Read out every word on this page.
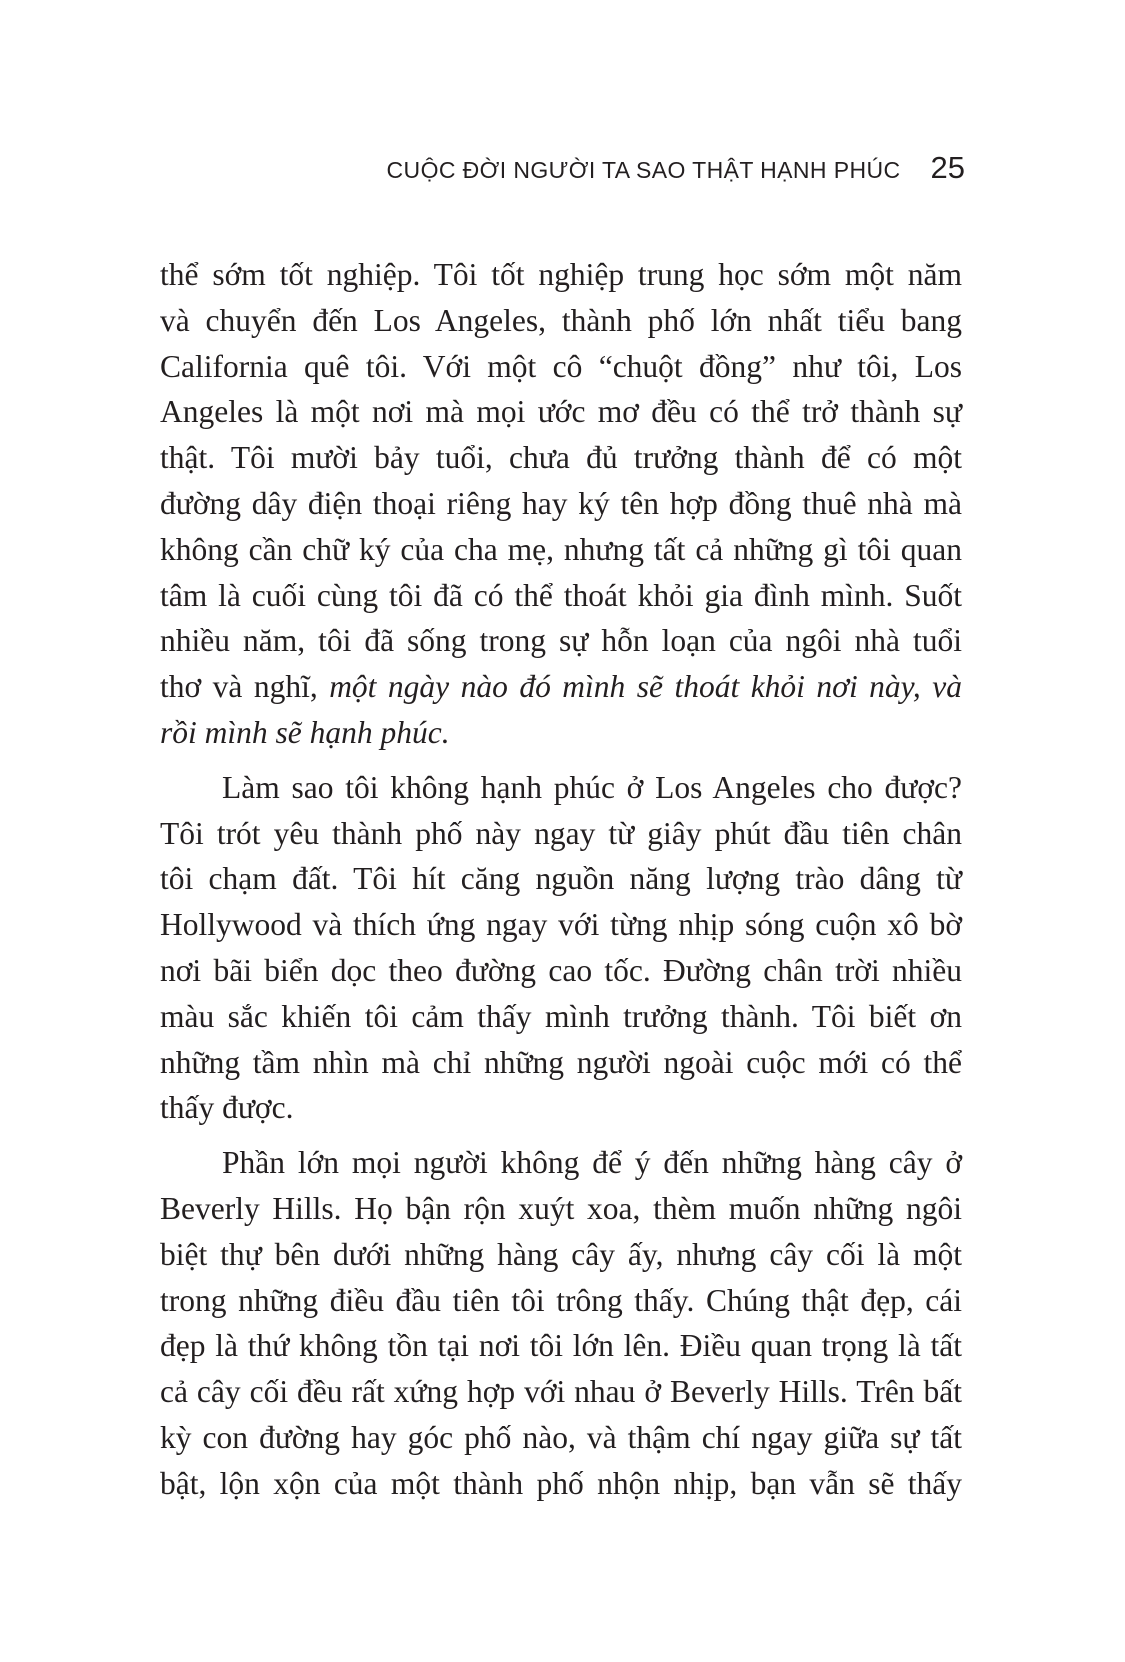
CUỘC ĐỜI NGƯỜI TA SAO THẬT HẠNH PHÚC 25

thể sớm tốt nghiệp. Tôi tốt nghiệp trung học sớm một năm
và chuyển đến Los Angeles, thành phố lớn nhất tiểu bang
California quê tôi. Với một cô “chuột đồng” như tôi, Los
Angeles là một nơi mà mọi ước mơ đều có thể trở thành sự
thật. Tôi mười bảy tuổi, chưa đủ trưởng thành để có một
đường dây điện thoại riêng hay ký tên hợp đồng thuê nhà mà
không cần chữ ký của cha mẹ, nhưng tất cả những gì tôi quan
tâm là cuối cùng tôi đã có thể thoát khỏi gia đình mình. Suốt
nhiều năm, tôi đã sống trong sự hỗn loạn của ngôi nhà tuổi
thơ và nghĩ, một ngày nào đó mình sẽ thoát khỏi nơi này, và
rồi mình sẽ hạnh phúc.

Làm sao tôi không hạnh phúc ở Los Angeles cho được?
Tôi trót yêu thành phố này ngay từ giây phút đầu tiên chân
tôi chạm đất. Tôi hít căng nguồn năng lượng trào dâng từ
Hollywood và thích ứng ngay với từng nhịp sóng cuộn xô bờ
nơi bãi biển dọc theo đường cao tốc. Đường chân trời nhiều
màu sắc khiến tôi cảm thấy mình trưởng thành. Tôi biết ơn
những tầm nhìn mà chỉ những người ngoài cuộc mới có thể
thấy được.

Phần lớn mọi người không để ý đến những hàng cây ở
Beverly Hills. Họ bận rộn xuýt xoa, thèm muốn những ngôi
biệt thự bên dưới những hàng cây ấy, nhưng cây cối là một
trong những điều đầu tiên tôi trông thấy. Chúng thật đẹp, cái
đẹp là thứ không tồn tại nơi tôi lớn lên. Điều quan trọng là tất
cả cây cối đều rất xứng hợp với nhau ở Beverly Hills. Trên bất
kỳ con đường hay góc phố nào, và thậm chí ngay giữa sự tất
bật, lộn xộn của một thành phố nhộn nhịp, bạn vẫn sẽ thấy
